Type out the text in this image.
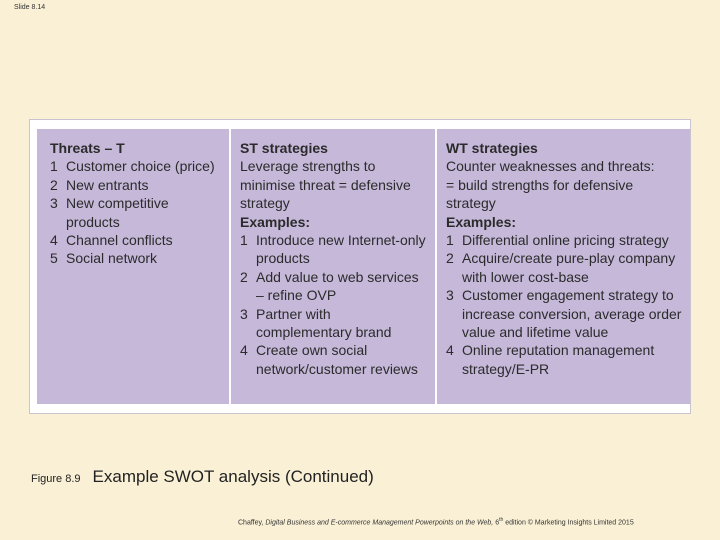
Slide 8.14
Threats – T
1 Customer choice (price)
2 New entrants
3 New competitive products
4 Channel conflicts
5 Social network
ST strategies
Leverage strengths to
minimise threat = defensive
strategy
Examples:
1 Introduce new Internet-only products
2 Add value to web services – refine OVP
3 Partner with complementary brand
4 Create own social network/customer reviews
WT strategies
Counter weaknesses and threats:
= build strengths for defensive
strategy
Examples:
1 Differential online pricing strategy
2 Acquire/create pure-play company with lower cost-base
3 Customer engagement strategy to increase conversion, average order value and lifetime value
4 Online reputation management strategy/E-PR
Figure 8.9 Example SWOT analysis (Continued)
Chaffey, Digital Business and E-commerce Management Powerpoints on the Web, 6th edition © Marketing Insights Limited 2015
